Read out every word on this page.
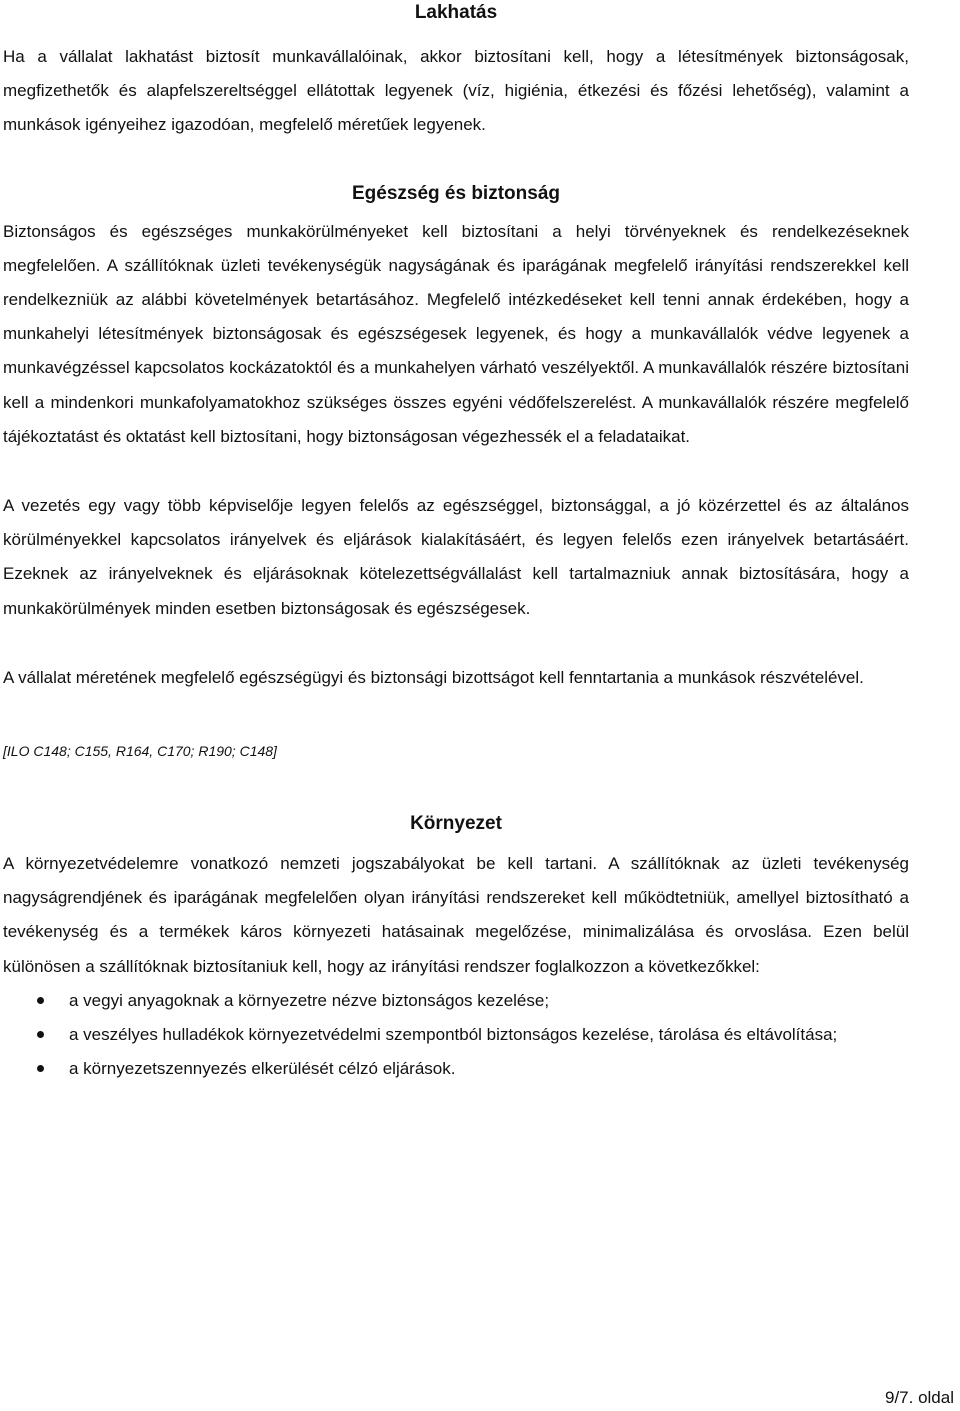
Lakhatás

Ha a vállalat lakhatást biztosít munkavállalóinak, akkor biztosítani kell, hogy a létesítmények biztonságosak, megfizethetők és alapfelszereltséggel ellátottak legyenek (víz, higiénia, étkezési és főzési lehetőség), valamint a munkások igényeihez igazodóan, megfelelő méretűek legyenek.

Egészség és biztonság

Biztonságos és egészséges munkakörülményeket kell biztosítani a helyi törvényeknek és rendelkezéseknek megfelelően. A szállítóknak üzleti tevékenységük nagyságának és iparágának megfelelő irányítási rendszerekkel kell rendelkezniük az alábbi követelmények betartásához. Megfelelő intézkedéseket kell tenni annak érdekében, hogy a munkahelyi létesítmények biztonságosak és egészségesek legyenek, és hogy a munkavállalók védve legyenek a munkavégzéssel kapcsolatos kockázatoktól és a munkahelyen várható veszélyektől. A munkavállalók részére biztosítani kell a mindenkori munkafolyamatokhoz szükséges összes egyéni védőfelszerelést. A munkavállalók részére megfelelő tájékoztatást és oktatást kell biztosítani, hogy biztonságosan végezhessék el a feladataikat.

A vezetés egy vagy több képviselője legyen felelős az egészséggel, biztonsággal, a jó közérzettel és az általános körülményekkel kapcsolatos irányelvek és eljárások kialakításáért, és legyen felelős ezen irányelvek betartásáért. Ezeknek az irányelveknek és eljárásoknak kötelezettségvállalást kell tartalmazniuk annak biztosítására, hogy a munkakörülmények minden esetben biztonságosak és egészségesek.

A vállalat méretének megfelelő egészségügyi és biztonsági bizottságot kell fenntartania a munkások részvételével.

[ILO C148; C155, R164, C170; R190; C148]

Környezet

A környezetvédelemre vonatkozó nemzeti jogszabályokat be kell tartani. A szállítóknak az üzleti tevékenység nagyságrendjének és iparágának megfelelően olyan irányítási rendszereket kell működtetniük, amellyel biztosítható a tevékenység és a termékek káros környezeti hatásainak megelőzése, minimalizálása és orvoslása. Ezen belül különösen a szállítóknak biztosítaniuk kell, hogy az irányítási rendszer foglalkozzon a következőkkel:

a vegyi anyagoknak a környezetre nézve biztonságos kezelése;
a veszélyes hulladékok környezetvédelmi szempontból biztonságos kezelése, tárolása és eltávolítása;
a környezetszennyezés elkerülését célzó eljárások.
9/7. oldal
